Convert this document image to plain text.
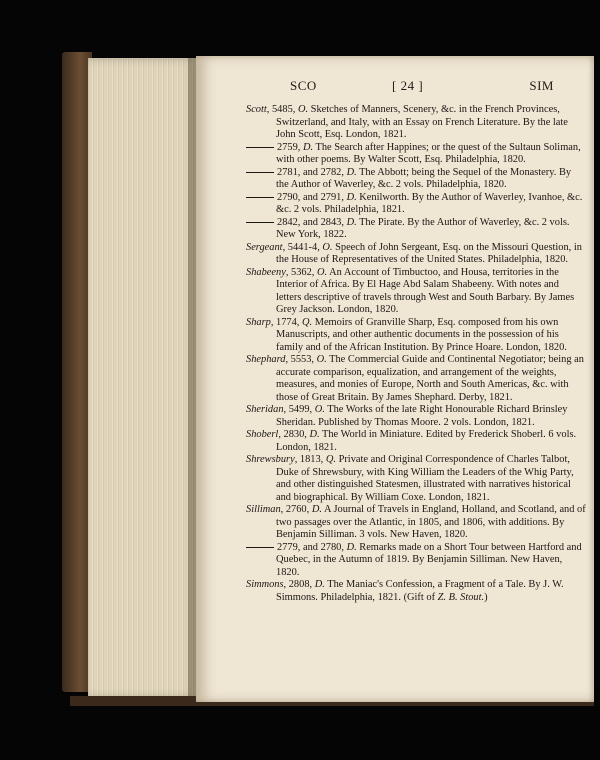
SCO	[ 24 ]	SIM

Scott, 5485, O. Sketches of Manners, Scenery, &c. in the French Provinces, Switzerland, and Italy, with an Essay on French Literature. By the late John Scott, Esq. London, 1821.

2759, D. The Search after Happines; or the quest of the Sultaun Soliman, with other poems. By Walter Scott, Esq. Philadelphia, 1820.

2781, and 2782, D. The Abbott; being the Sequel of the Monastery. By the Author of Waverley, &c. 2 vols. Philadelphia, 1820.

2790, and 2791, D. Kenilworth. By the Author of Waverley, Ivanhoe, &c. &c. 2 vols. Philadelphia, 1821.

2842, and 2843, D. The Pirate. By the Author of Waverley, &c. 2 vols. New York, 1822.

Sergeant, 5441-4, O. Speech of John Sergeant, Esq. on the Missouri Question, in the House of Representatives of the United States. Philadelphia, 1820.

Shabeeny, 5362, O. An Account of Timbuctoo, and Housa, territories in the Interior of Africa. By El Hage Abd Salam Shabeeny. With notes and letters descriptive of travels through West and South Barbary. By James Grey Jackson. London, 1820.

Sharp, 1774, Q. Memoirs of Granville Sharp, Esq. composed from his own Manuscripts, and other authentic documents in the possession of his family and of the African Institution. By Prince Hoare. London, 1820.

Shephard, 5553, O. The Commercial Guide and Continental Negotiator; being an accurate comparison, equalization, and arrangement of the weights, measures, and monies of Europe, North and South Americas, &c. with those of Great Britain. By James Shephard. Derby, 1821.

Sheridan, 5499, O. The Works of the late Right Honourable Richard Brinsley Sheridan. Published by Thomas Moore. 2 vols. London, 1821.

Shoberl, 2830, D. The World in Miniature. Edited by Frederick Shoberl. 6 vols. London, 1821.

Shrewsbury, 1813, Q. Private and Original Correspondence of Charles Talbot, Duke of Shrewsbury, with King William the Leaders of the Whig Party, and other distinguished Statesmen, illustrated with narratives historical and biographical. By William Coxe. London, 1821.

Silliman, 2760, D. A Journal of Travels in England, Holland, and Scotland, and of two passages over the Atlantic, in 1805, and 1806, with additions. By Benjamin Silliman. 3 vols. New Haven, 1820.

2779, and 2780, D. Remarks made on a Short Tour between Hartford and Quebec, in the Autumn of 1819. By Benjamin Silliman. New Haven, 1820.

Simmons, 2808, D. The Maniac's Confession, a Fragment of a Tale. By J. W. Simmons. Philadelphia, 1821. (Gift of Z. B. Stout.)
